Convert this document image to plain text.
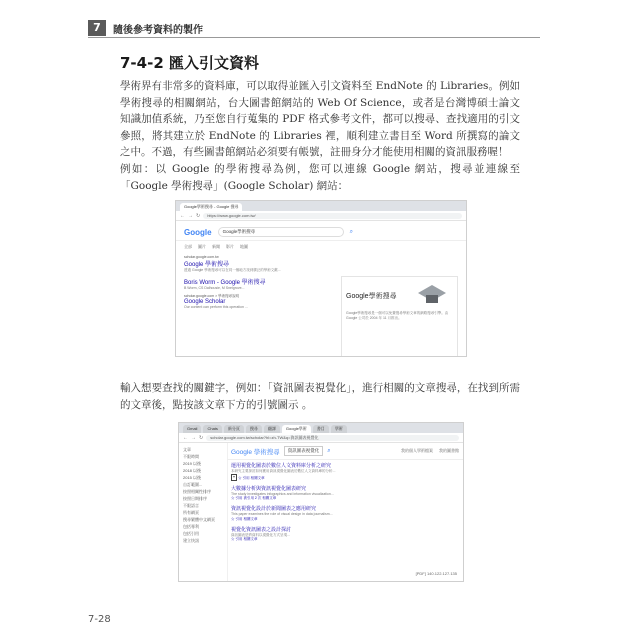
7	隨後參考資料的製作
7-4-2 匯入引文資料
學術界有非常多的資料庫，可以取得並匯入引文資料至 EndNote 的 Libraries。例如學術搜尋的相關網站，台大圖書館網站的 Web Of Science，或者是台灣博碩士論文知識加值系統，乃至您自行蒐集的 PDF 格式參考文件，都可以搜尋、查找適用的引文參照，將其建立於 EndNote 的 Libraries 裡，順利建立書目至 Word 所撰寫的論文之中。不過，有些圖書館網站必須要有帳號，註冊身分才能使用相關的資訊服務喔！
例如：以 Google 的學術搜尋為例，您可以連線 Google 網站，搜尋並連線至「Google 學術搜尋」(Google Scholar) 網站：
Google學術搜尋 - Google 搜尋
← → ↻	https://www.google.com.tw/
Google	Google學術搜尋	⌕
全部 圖片 新聞 影片 地圖
scholar.google.com.tw
Google 學術搜尋
透過 Google 學術搜尋可以在同一個地方找到廣泛的學術文獻...
Boris Worm - Google 學術搜尋
B Worm, CS Dalhousie, M Snelgrove...
scholar.google.com > 學術搜尋說明
Google Scholar
Our content can perform this operation ...
Google學術搜尋
Google學術搜尋是一個可以免費搜尋學術文章的網路搜尋引擎。由 Google 公司於 2004 年 11 月推出。
輸入想要查找的關鍵字，例如：「資訊圖表視覺化」，進行相關的文章搜尋，在找到所需的文章後，點按該文章下方的引號圖示 。
Gmail	Chats	新分頁	搜尋	翻譯	Google學術	書目	學術
← → ↻	scholar.google.com.tw/scholar?hl=zh-TW&q=資訊圖表視覺化
文章
不限時間
2019 以後
2018 以後
2015 以後
自訂範圍...
按照相關性排序
按照日期排序
不限語言
所有網頁
搜尋繁體中文網頁
包括專利
包括引用
建立快訊
Google 學術搜尋	資訊圖表視覺化	⌕	我的個人學術檔案 我的圖書館
運用視覺化圖表於數位人文資料庫分析之研究
本研究主要探討如何應用資訊視覺化圖表於數位人文資料庫的分析...
❞ ☆ 引用 相關文章
大數據分析與資訊視覺化圖表研究
The study investigates infographics and information visualization...
☆ 引用 被引用 2 次 相關文章
資訊視覺化設計於新聞圖表之應用研究
This paper examines the role of visual design in data journalism...
☆ 引用 相關文章
視覺化資訊圖表之設計探討
資訊圖表是將資料以視覺化方式呈現...
☆ 引用 相關文章
[PDF] 140.122.127.135
7-28
